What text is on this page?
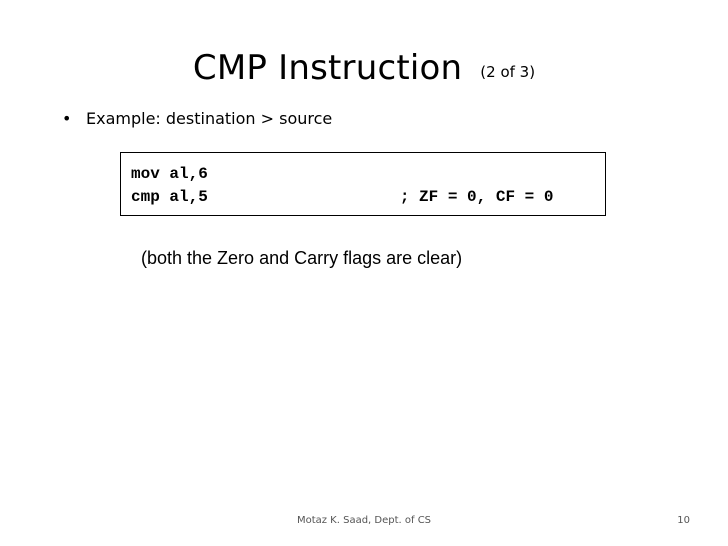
CMP Instruction (2 of 3)
• Example: destination > source
mov al,6
cmp al,5                    ; ZF = 0, CF = 0
(both the Zero and Carry flags are clear)
Motaz K. Saad, Dept. of CS	10
